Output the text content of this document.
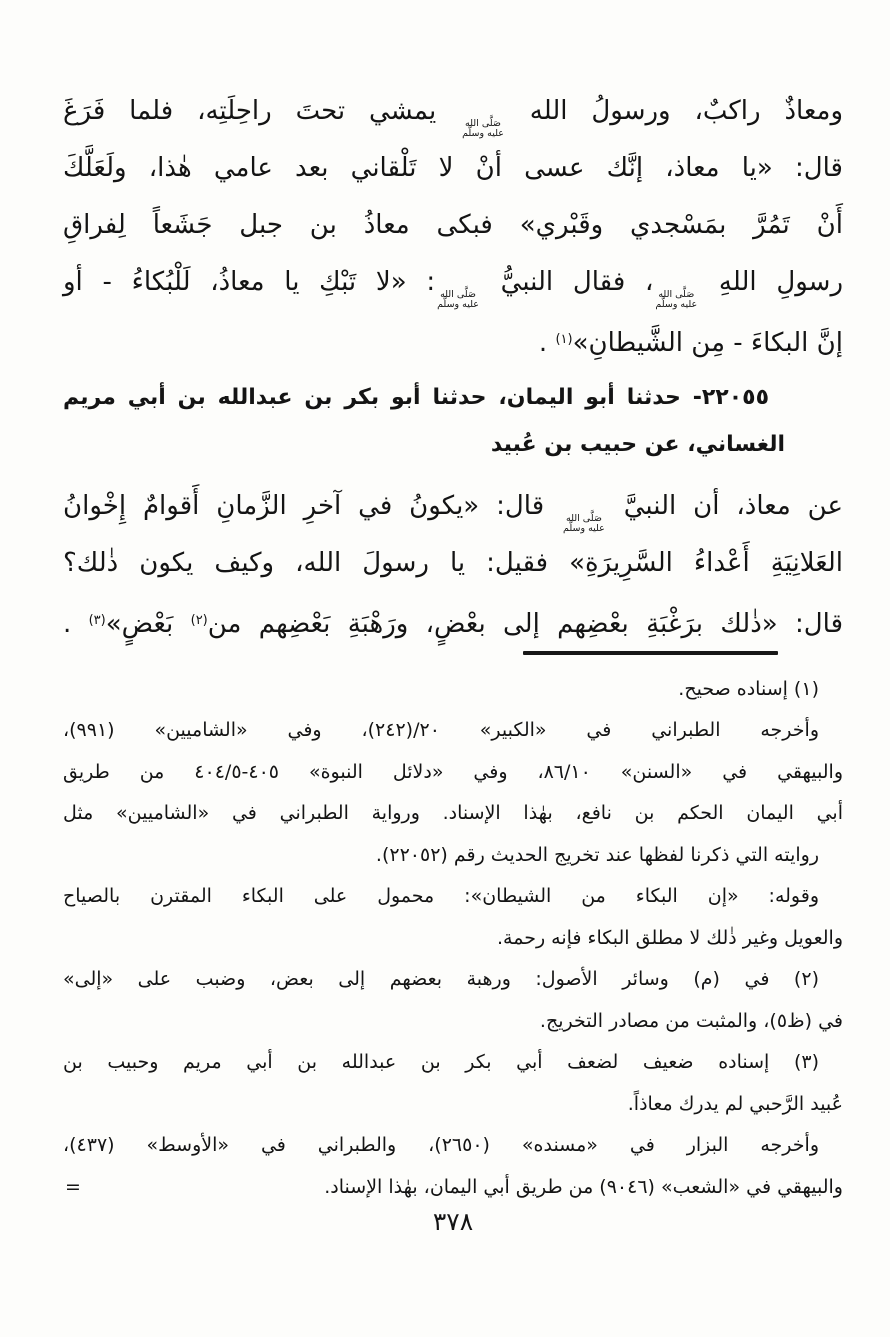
ومعاذٌ راكبٌ، ورسولُ الله
صَلَّى الله
عليه وسلَّم
يمشي تحتَ راحِلَتِه، فلما فَرَغَ
قال: «يا معاذ، إنَّك عسى أنْ لا تَلْقاني بعد عامي هٰذا، ولَعَلَّكَ
أَنْ تَمُرَّ بمَسْجدي وقَبْري» فبكى معاذُ بن جبل جَشَعاً لِفراقِ
رسولِ اللهِ
صَلَّى الله
عليه وسلَّم
، فقال النبيُّ
صَلَّى الله
عليه وسلَّم
: «لا تَبْكِ يا معاذُ، لَلْبُكاءُ - أو
إنَّ البكاءَ - مِن الشَّيطانِ»$^{(١)}$ .
٢٢٠٥٥- حدثنا أبو اليمان، حدثنا أبو بكر بن عبدالله بن أبي مريم
الغساني، عن حبيب بن عُبيد
عن معاذ، أن النبيَّ
صَلَّى الله
عليه وسلَّم
قال: «يكونُ في آخرِ الزَّمانِ أَقوامٌ إِخْوانُ
العَلانِيَةِ أَعْداءُ السَّرِيرَةِ» فقيل: يا رسولَ الله، وكيف يكون ذٰلك؟
قال: «ذٰلك برَغْبَةِ بعْضِهم إلى بعْضٍ، ورَهْبَةِ بَعْضِهم من$^{(٢)}$ بَعْضٍ»$^{(٣)}$ .
(١) إسناده صحيح.
وأخرجه الطبراني في «الكبير» ٢٠/(٢٤٢)، وفي «الشاميين» (٩٩١)،
والبيهقي في «السنن» ٨٦/١٠، وفي «دلائل النبوة» ٤٠٥-٤٠٤/٥ من طريق
أبي اليمان الحكم بن نافع، بهٰذا الإسناد. ورواية الطبراني في «الشاميين» مثل
روايته التي ذكرنا لفظها عند تخريج الحديث رقم (٢٢٠٥٢).
وقوله: «إن البكاء من الشيطان»: محمول على البكاء المقترن بالصياح
والعويل وغير ذٰلك لا مطلق البكاء فإنه رحمة.
(٢) في (م) وسائر الأصول: ورهبة بعضهم إلى بعض، وضبب على «إلى»
في (ظ٥)، والمثبت من مصادر التخريج.
(٣) إسناده ضعيف لضعف أبي بكر بن عبدالله بن أبي مريم وحبيب بن
عُبيد الرَّحبي لم يدرك معاذاً.
وأخرجه البزار في «مسنده» (٢٦٥٠)، والطبراني في «الأوسط» (٤٣٧)،
والبيهقي في «الشعب» (٩٠٤٦) من طريق أبي اليمان، بهٰذا الإسناد.
=
٣٧٨
